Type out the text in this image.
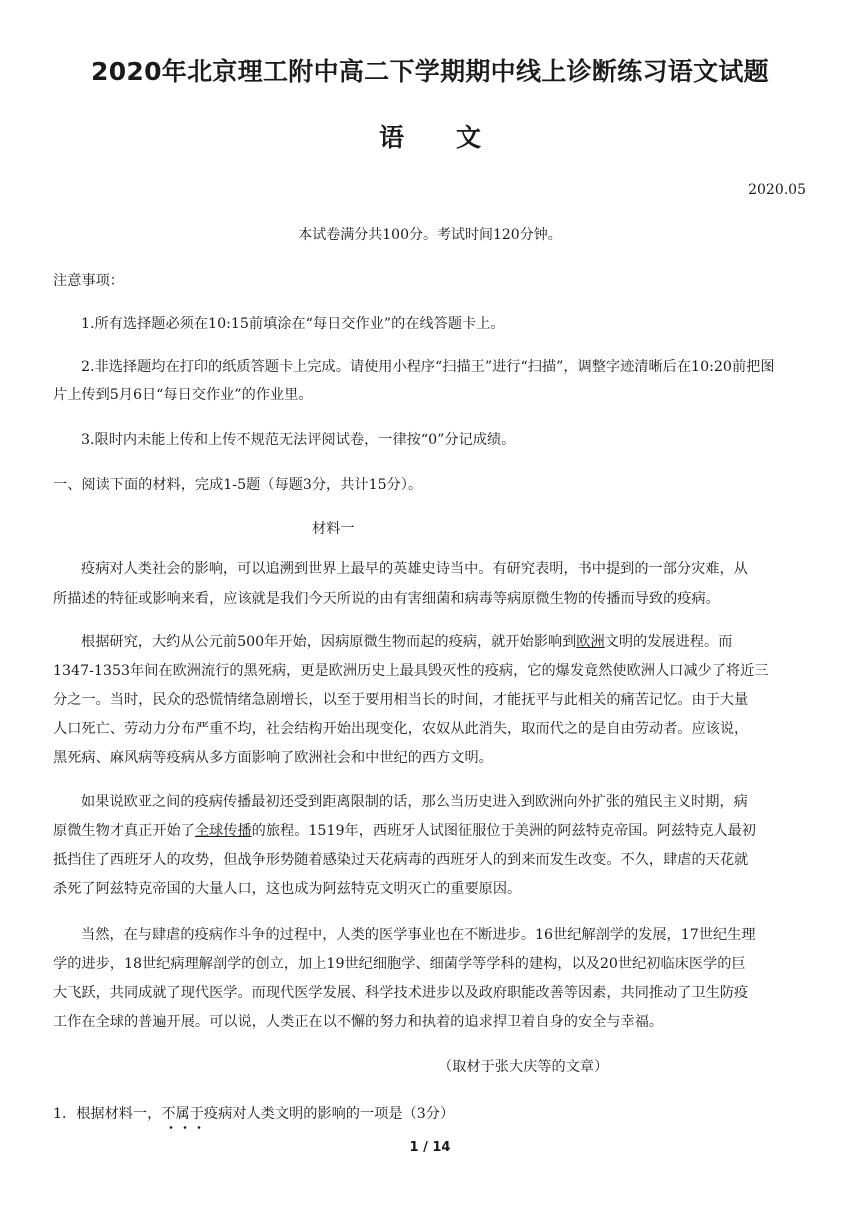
2020年北京理工附中高二下学期期中线上诊断练习语文试题
语文
2020.05
本试卷满分共100分。考试时间120分钟。
注意事项：
1.所有选择题必须在10:15前填涂在“每日交作业”的在线答题卡上。
2.非选择题均在打印的纸质答题卡上完成。请使用小程序“扫描王”进行“扫描”，调整字迹清晰后在10:20前把图
片上传到5月6日“每日交作业”的作业里。
3.限时内未能上传和上传不规范无法评阅试卷，一律按“0”分记成绩。
一、阅读下面的材料，完成1-5题（每题3分，共计15分）。
材料一
疫病对人类社会的影响，可以追溯到世界上最早的英雄史诗当中。有研究表明，书中提到的一部分灾难，从
所描述的特征或影响来看，应该就是我们今天所说的由有害细菌和病毒等病原微生物的传播而导致的疫病。
根据研究，大约从公元前500年开始，因病原微生物而起的疫病，就开始影响到欧洲文明的发展进程。而
1347-1353年间在欧洲流行的黑死病，更是欧洲历史上最具毁灭性的疫病，它的爆发竟然使欧洲人口减少了将近三
分之一。当时，民众的恐慌情绪急剧增长，以至于要用相当长的时间，才能抚平与此相关的痛苦记忆。由于大量
人口死亡、劳动力分布严重不均，社会结构开始出现变化，农奴从此消失，取而代之的是自由劳动者。应该说，
黑死病、麻风病等疫病从多方面影响了欧洲社会和中世纪的西方文明。
如果说欧亚之间的疫病传播最初还受到距离限制的话，那么当历史进入到欧洲向外扩张的殖民主义时期，病
原微生物才真正开始了全球传播的旅程。1519年，西班牙人试图征服位于美洲的阿兹特克帝国。阿兹特克人最初
抵挡住了西班牙人的攻势，但战争形势随着感染过天花病毒的西班牙人的到来而发生改变。不久，肆虐的天花就
杀死了阿兹特克帝国的大量人口，这也成为阿兹特克文明灭亡的重要原因。
当然，在与肆虐的疫病作斗争的过程中，人类的医学事业也在不断进步。16世纪解剖学的发展，17世纪生理
学的进步，18世纪病理解剖学的创立，加上19世纪细胞学、细菌学等学科的建构，以及20世纪初临床医学的巨
大飞跃，共同成就了现代医学。而现代医学发展、科学技术进步以及政府职能改善等因素，共同推动了卫生防疫
工作在全球的普遍开展。可以说，人类正在以不懈的努力和执着的追求捍卫着自身的安全与幸福。
（取材于张大庆等的文章）
1．根据材料一，不属于疫病对人类文明的影响的一项是（3分）
1 / 14
